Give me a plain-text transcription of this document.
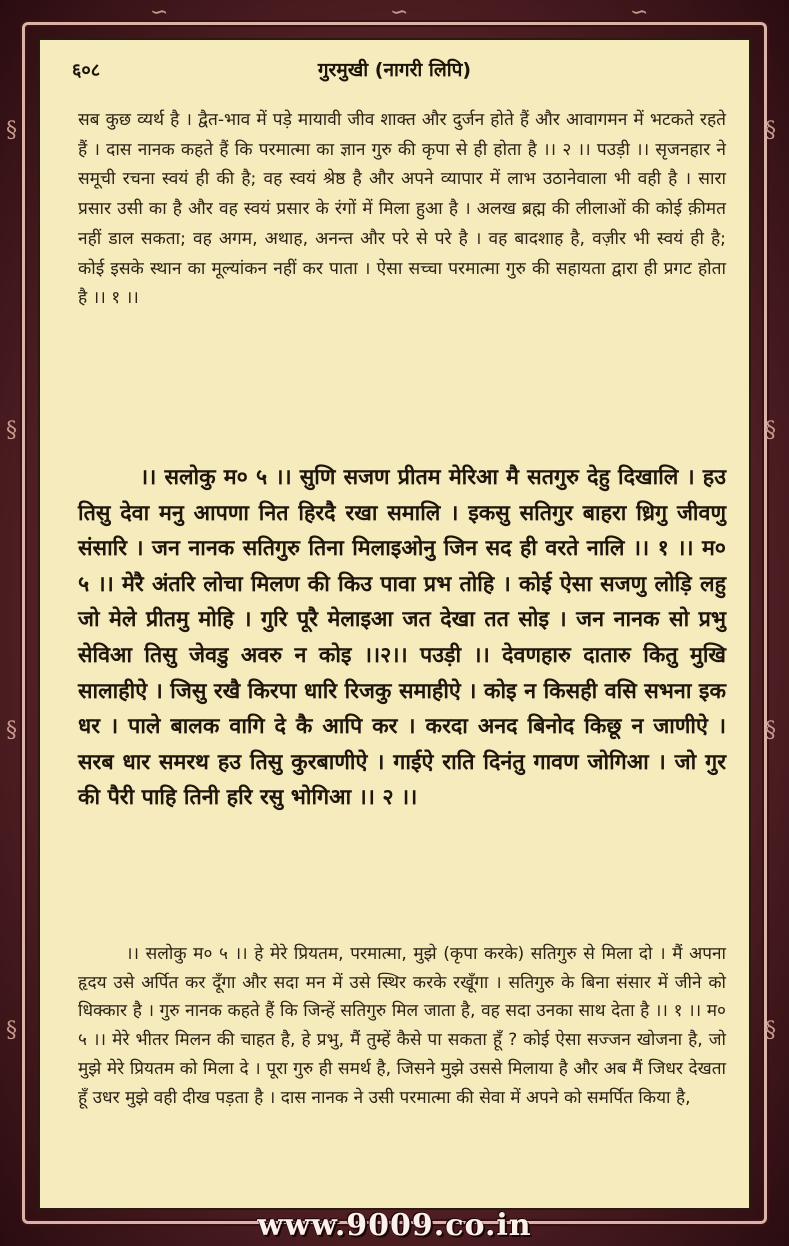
§
§
§
§
§
§
§
§
∽	∽	∽
६०८	गुरमुखी (नागरी लिपि)
सब कुछ व्यर्थ है । द्वैत-भाव में पड़े मायावी जीव शाक्त और दुर्जन होते हैं और आवागमन में भटकते रहते हैं । दास नानक कहते हैं कि परमात्मा का ज्ञान गुरु की कृपा से ही होता है ।। २ ।। पउड़ी ।। सृजनहार ने समूची रचना स्वयं ही की है; वह स्वयं श्रेष्ठ है और अपने व्यापार में लाभ उठानेवाला भी वही है । सारा प्रसार उसी का है और वह स्वयं प्रसार के रंगों में मिला हुआ है । अलख ब्रह्म की लीलाओं की कोई क़ीमत नहीं डाल सकता; वह अगम, अथाह, अनन्त और परे से परे है । वह बादशाह है, वज़ीर भी स्वयं ही है; कोई इसके स्थान का मूल्यांकन नहीं कर पाता । ऐसा सच्चा परमात्मा गुरु की सहायता द्वारा ही प्रगट होता है ।। १ ।।
।। सलोकु म० ५ ।। सुणि सजण प्रीतम मेरिआ मै सतगुरु देहु दिखालि । हउ तिसु देवा मनु आपणा नित हिरदै रखा समालि । इकसु सतिगुर बाहरा ध्रिगु जीवणु संसारि । जन नानक सतिगुरु तिना मिलाइओनु जिन सद ही वरते नालि ।। १ ।। म० ५ ।। मेरै अंतरि लोचा मिलण की किउ पावा प्रभ तोहि । कोई ऐसा सजणु लोड़ि लहु जो मेले प्रीतमु मोहि । गुरि पूरै मेलाइआ जत देखा तत सोइ । जन नानक सो प्रभु सेविआ तिसु जेवडु अवरु न कोइ ।।२।। पउड़ी ।। देवणहारु दातारु कितु मुखि सालाहीऐ । जिसु रखै किरपा धारि रिजकु समाहीऐ । कोइ न किसही वसि सभना इक धर । पाले बालक वागि दे कै आपि कर । करदा अनद बिनोद किछू न जाणीऐ । सरब धार समरथ हउ तिसु कुरबाणीऐ । गाईऐ राति दिनंतु गावण जोगिआ । जो गुर की पैरी पाहि तिनी हरि रसु भोगिआ ।। २ ।।
।। सलोकु म० ५ ।। हे मेरे प्रियतम, परमात्मा, मुझे (कृपा करके) सतिगुरु से मिला दो । मैं अपना हृदय उसे अर्पित कर दूँगा और सदा मन में उसे स्थिर करके रखूँगा । सतिगुरु के बिना संसार में जीने को धिक्कार है । गुरु नानक कहते हैं कि जिन्हें सतिगुरु मिल जाता है, वह सदा उनका साथ देता है ।। १ ।। म० ५ ।। मेरे भीतर मिलन की चाहत है, हे प्रभु, मैं तुम्हें कैसे पा सकता हूँ ? कोई ऐसा सज्जन खोजना है, जो मुझे मेरे प्रियतम को मिला दे । पूरा गुरु ही समर्थ है, जिसने मुझे उससे मिलाया है और अब मैं जिधर देखता हूँ उधर मुझे वही दीख पड़ता है । दास नानक ने उसी परमात्मा की सेवा में अपने को समर्पित किया है,
www.9009.co.in
